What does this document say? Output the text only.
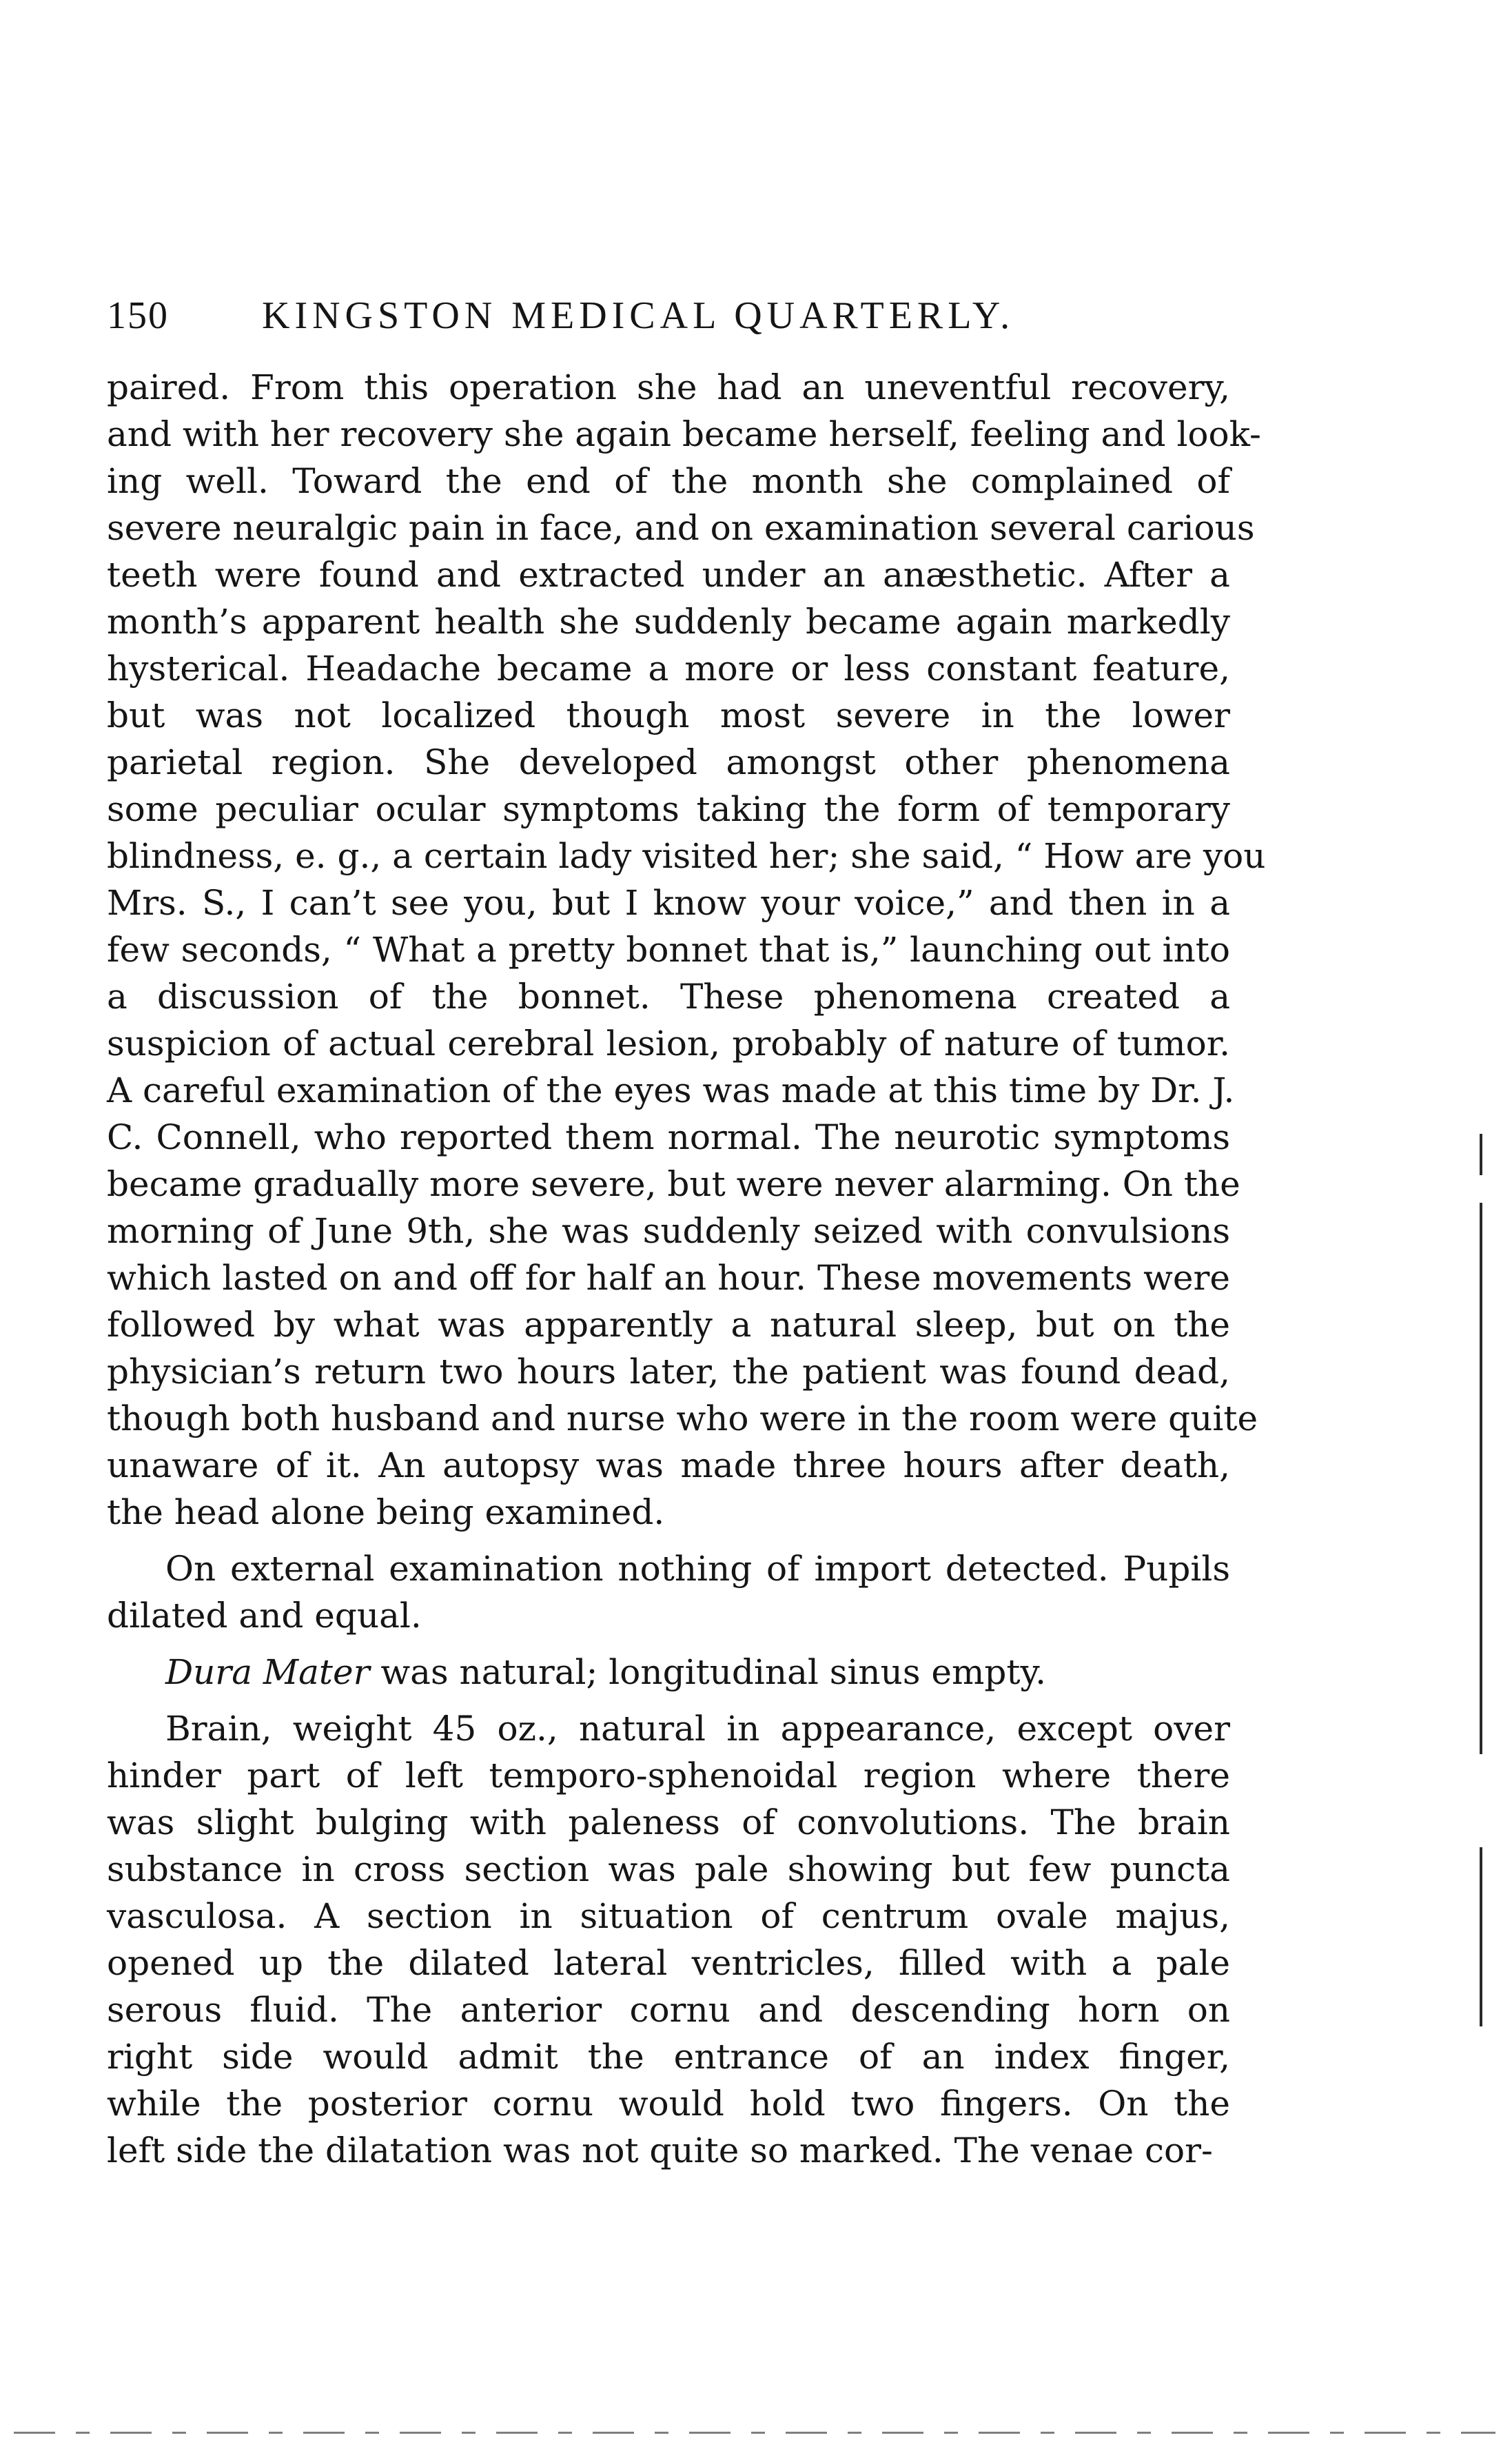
150 KINGSTON MEDICAL QUARTERLY.

paired. From this operation she had an uneventful recovery,
and with her recovery she again became herself, feeling and look-
ing well. Toward the end of the month she complained of
severe neuralgic pain in face, and on examination several carious
teeth were found and extracted under an anæsthetic. After a
month’s apparent health she suddenly became again markedly
hysterical. Headache became a more or less constant feature,
but was not localized though most severe in the lower
parietal region. She developed amongst other phenomena
some peculiar ocular symptoms taking the form of temporary
blindness, e. g., a certain lady visited her; she said, “ How are you
Mrs. S., I can’t see you, but I know your voice,” and then in a
few seconds, “ What a pretty bonnet that is,” launching out into
a discussion of the bonnet. These phenomena created a
suspicion of actual cerebral lesion, probably of nature of tumor.
A careful examination of the eyes was made at this time by Dr. J.
C. Connell, who reported them normal. The neurotic symptoms
became gradually more severe, but were never alarming. On the
morning of June 9th, she was suddenly seized with convulsions
which lasted on and off for half an hour. These movements were
followed by what was apparently a natural sleep, but on the
physician’s return two hours later, the patient was found dead,
though both husband and nurse who were in the room were quite
unaware of it. An autopsy was made three hours after death,
the head alone being examined.

On external examination nothing of import detected. Pupils
dilated and equal.

Dura Mater was natural; longitudinal sinus empty.

Brain, weight 45 oz., natural in appearance, except over
hinder part of left temporo-sphenoidal region where there
was slight bulging with paleness of convolutions. The brain
substance in cross section was pale showing but few puncta
vasculosa. A section in situation of centrum ovale majus,
opened up the dilated lateral ventricles, filled with a pale
serous fluid. The anterior cornu and descending horn on
right side would admit the entrance of an index finger,
while the posterior cornu would hold two fingers. On the
left side the dilatation was not quite so marked. The venae cor-
